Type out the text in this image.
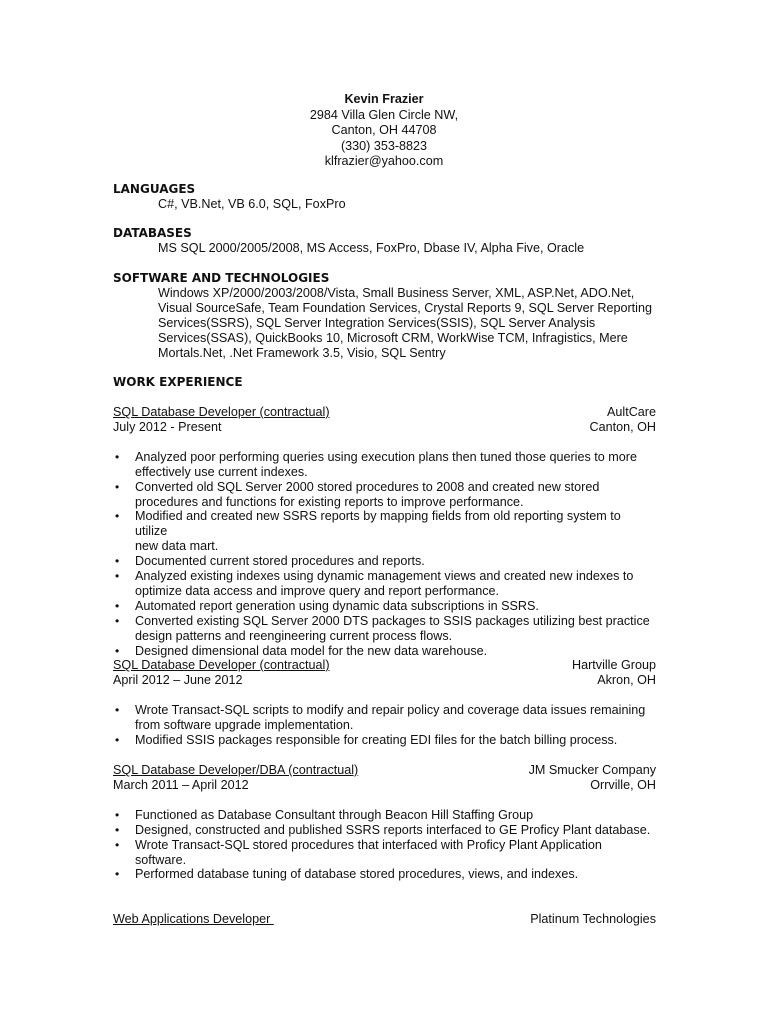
Kevin Frazier
2984 Villa Glen Circle NW,
Canton, OH 44708
(330) 353-8823
klfrazier@yahoo.com
LANGUAGES
C#, VB.Net, VB 6.0, SQL, FoxPro
DATABASES
MS SQL 2000/2005/2008, MS Access, FoxPro, Dbase IV, Alpha Five, Oracle
SOFTWARE AND TECHNOLOGIES
Windows XP/2000/2003/2008/Vista, Small Business Server, XML, ASP.Net, ADO.Net,
Visual SourceSafe, Team Foundation Services, Crystal Reports 9, SQL Server Reporting
Services(SSRS), SQL Server Integration Services(SSIS), SQL Server Analysis
Services(SSAS), QuickBooks 10, Microsoft CRM, WorkWise TCM, Infragistics, Mere
Mortals.Net, .Net Framework 3.5, Visio, SQL Sentry
WORK EXPERIENCE
SQL Database Developer (contractual)	AultCare
July 2012 - Present	Canton, OH
• Analyzed poor performing queries using execution plans then tuned those queries to more
effectively use current indexes.
• Converted old SQL Server 2000 stored procedures to 2008 and created new stored
procedures and functions for existing reports to improve performance.
• Modified and created new SSRS reports by mapping fields from old reporting system to utilize
new data mart.
• Documented current stored procedures and reports.
• Analyzed existing indexes using dynamic management views and created new indexes to
optimize data access and improve query and report performance.
• Automated report generation using dynamic data subscriptions in SSRS.
• Converted existing SQL Server 2000 DTS packages to SSIS packages utilizing best practice
design patterns and reengineering current process flows.
• Designed dimensional data model for the new data warehouse.
SQL Database Developer (contractual)	Hartville Group
April 2012 – June 2012	Akron, OH
• Wrote Transact-SQL scripts to modify and repair policy and coverage data issues remaining
from software upgrade implementation.
• Modified SSIS packages responsible for creating EDI files for the batch billing process.
SQL Database Developer/DBA (contractual)	JM Smucker Company
March 2011 – April 2012	Orrville, OH
• Functioned as Database Consultant through Beacon Hill Staffing Group
• Designed, constructed and published SSRS reports interfaced to GE Proficy Plant database.
• Wrote Transact-SQL stored procedures that interfaced with Proficy Plant Application software.
• Performed database tuning of database stored procedures, views, and indexes.
Web Applications Developer	Platinum Technologies
